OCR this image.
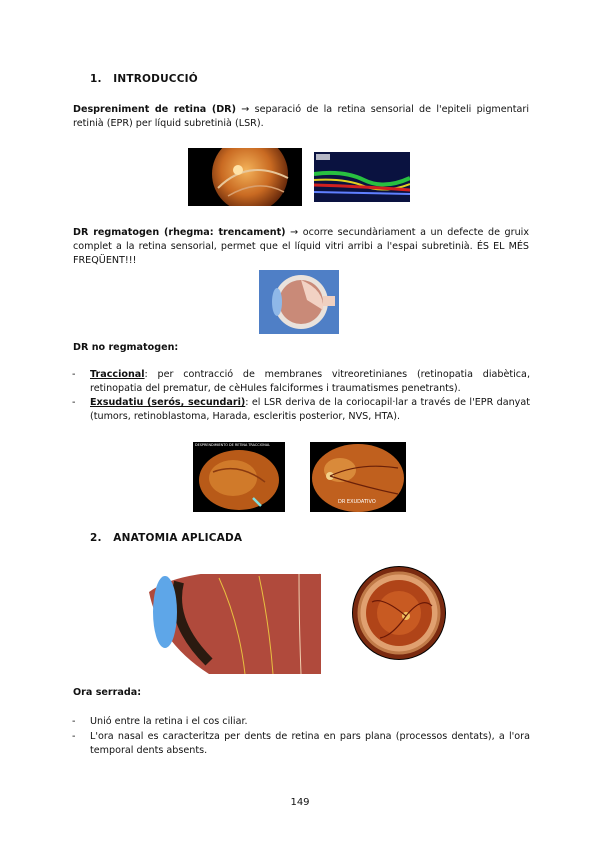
1. INTRODUCCIÓ
Despreniment de retina (DR) → separació de la retina sensorial de l'epiteli pigmentari retinià (EPR) per líquid subretinià (LSR).
DR regmatogen (rhegma: trencament) → ocorre secundàriament a un defecte de gruix complet a la retina sensorial, permet que el líquid vitri arribi a l'espai subretinià. ÉS EL MÉS FREQÜENT!!!
DR no regmatogen:
- Traccional: per contracció de membranes vitreoretinianes (retinopatia diabètica, retinopatia del prematur, de cèHules falciformes i traumatismes penetrants).
- Exsudatiu (serós, secundari): el LSR deriva de la coriocapil·lar a través de l'EPR danyat (tumors, retinoblastoma, Harada, escleritis posterior, NVS, HTA).
DESPRENDIMIENTO DE RETINA TRACCIONAL
DR EXUDATIVO
2. ANATOMIA APLICADA
Ora serrada:
- Unió entre la retina i el cos ciliar.
- L'ora nasal es caracteritza per dents de retina en pars plana (processos dentats), a l'ora temporal dents absents.
149
